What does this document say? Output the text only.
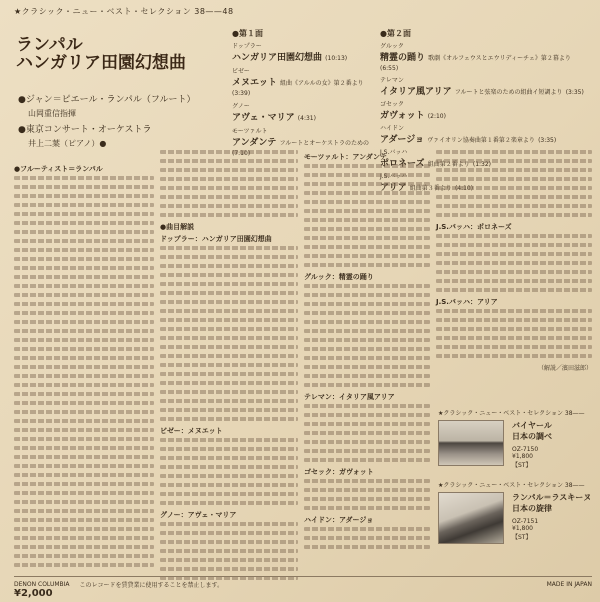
★クラシック・ニュー・ベスト・セレクション 38——48
ランパル
ハンガリア田園幻想曲
●ジャン＝ピエール・ランパル（フルート）
山岡重信指揮
●東京コンサート・オーケストラ
井上二葉（ピアノ）●
●第１面
ドップラー
ハンガリア田園幻想曲 (10:13)
ビゼー
メヌエット 組曲《アルルの女》第２番より (3:39)
グノー
アヴェ・マリア (4:31)
モーツァルト
アンダンテ フルートとオーケストラのための (7:10)
●第２面
グルック
精霊の踊り 歌劇《オルフェウスとエウリディーチェ》第２幕より (6:55)
テレマン
イタリア風アリア フルートと弦楽のための組曲イ短調より (3:35)
ゴセック
ガヴォット (2:10)
ハイドン
アダージョ ヴァイオリン協奏曲第１番第２楽章より (3:35)
J.S.バッハ
ポロネーズ 組曲第２番より (1:32)
J.S.バッハ
アリア 組曲第３番より (4:10)
●フルーティスト＝ランパル
●曲目解説
ドップラー：ハンガリア田園幻想曲
ビゼー：メヌエット
グノー：アヴェ・マリア
モーツァルト：アンダンテ
グルック：精霊の踊り
テレマン：イタリア風アリア
ゴセック：ガヴォット
ハイドン：アダージョ
J.S.バッハ：ポロネーズ
J.S.バッハ：アリア
（解説／濱田滋郎）
★クラシック・ニュー・ベスト・セレクション 38——
バイヤール
日本の調べ
OZ-7150
¥1,800
【ST】
★クラシック・ニュー・ベスト・セレクション 38——
ランパル＝ラスキーヌ
日本の旋律
OZ-7151
¥1,800
【ST】
DENON COLUMBIA このレコードを賃貸業に使用することを禁止します。	MADE IN JAPAN
¥2,000
